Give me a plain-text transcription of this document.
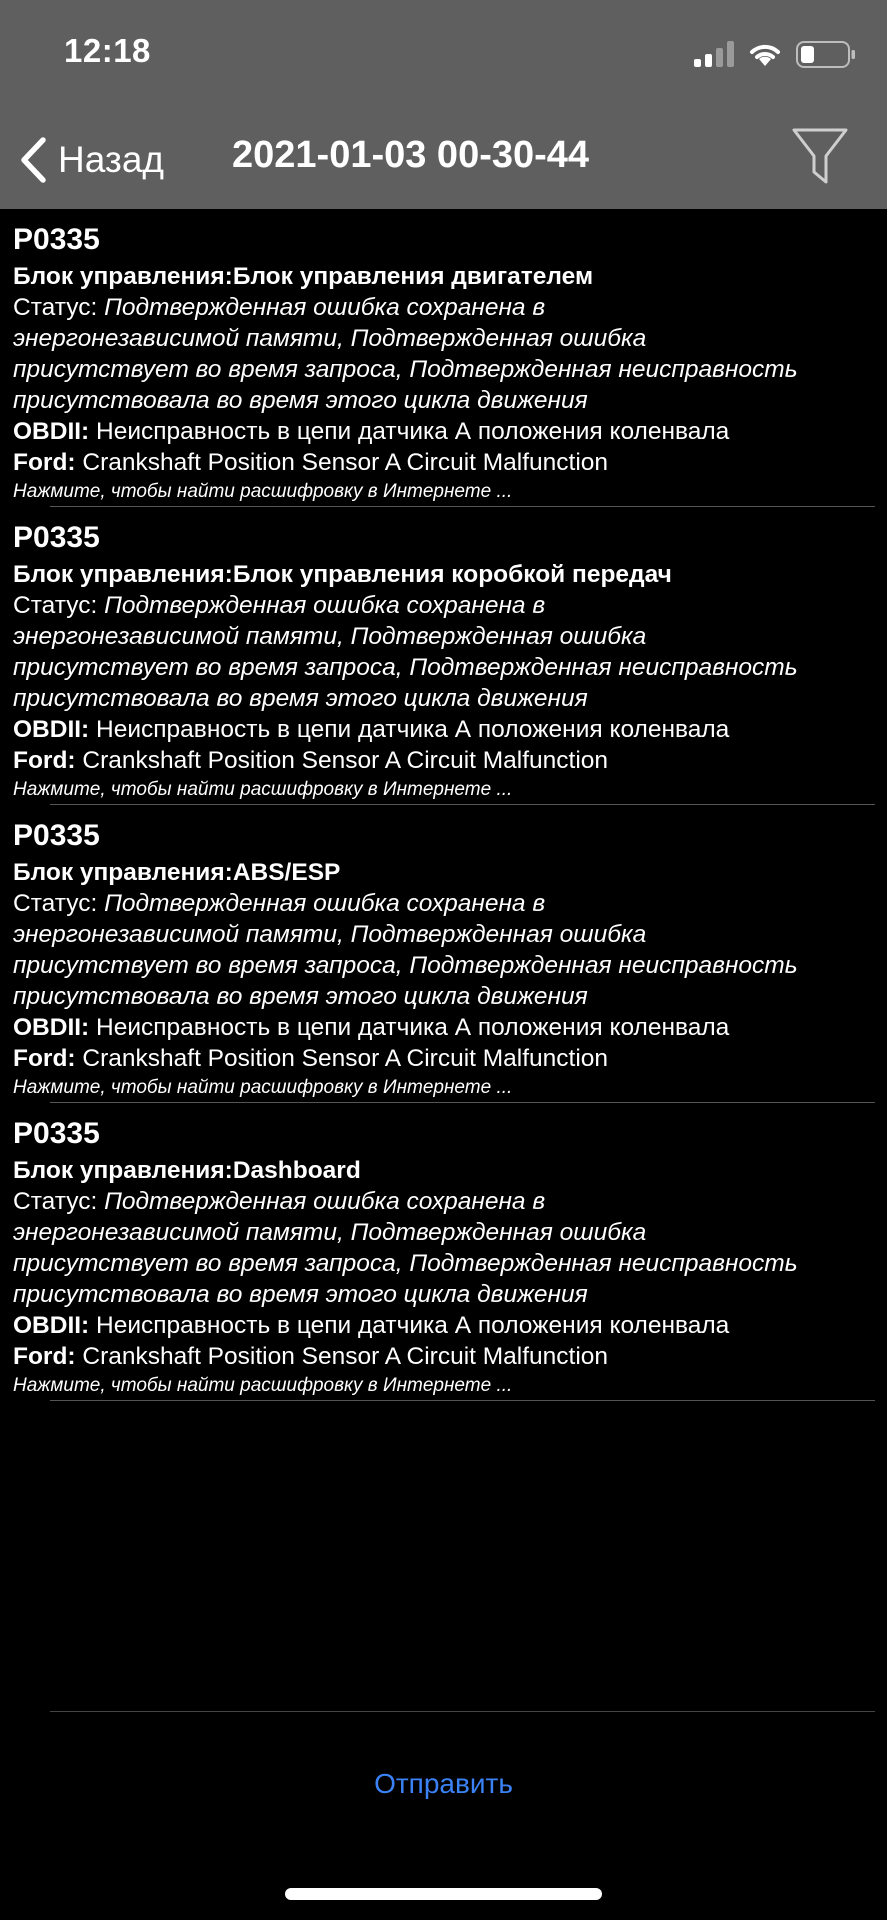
12:18
Назад 2021-01-03 00-30-44
P0335
Блок управления:Блок управления двигателем
Статус: Подтвержденная ошибка сохранена в
энергонезависимой памяти, Подтвержденная ошибка
присутствует во время запроса, Подтвержденная неисправность
присутствовала во время этого цикла движения
OBDII: Неисправность в цепи датчика А положения коленвала
Ford: Crankshaft Position Sensor A Circuit Malfunction
Нажмите, чтобы найти расшифровку в Интернете ...
P0335
Блок управления:Блок управления коробкой передач
Статус: Подтвержденная ошибка сохранена в
энергонезависимой памяти, Подтвержденная ошибка
присутствует во время запроса, Подтвержденная неисправность
присутствовала во время этого цикла движения
OBDII: Неисправность в цепи датчика А положения коленвала
Ford: Crankshaft Position Sensor A Circuit Malfunction
Нажмите, чтобы найти расшифровку в Интернете ...
P0335
Блок управления:ABS/ESP
Статус: Подтвержденная ошибка сохранена в
энергонезависимой памяти, Подтвержденная ошибка
присутствует во время запроса, Подтвержденная неисправность
присутствовала во время этого цикла движения
OBDII: Неисправность в цепи датчика А положения коленвала
Ford: Crankshaft Position Sensor A Circuit Malfunction
Нажмите, чтобы найти расшифровку в Интернете ...
P0335
Блок управления:Dashboard
Статус: Подтвержденная ошибка сохранена в
энергонезависимой памяти, Подтвержденная ошибка
присутствует во время запроса, Подтвержденная неисправность
присутствовала во время этого цикла движения
OBDII: Неисправность в цепи датчика А положения коленвала
Ford: Crankshaft Position Sensor A Circuit Malfunction
Нажмите, чтобы найти расшифровку в Интернете ...
Отправить
